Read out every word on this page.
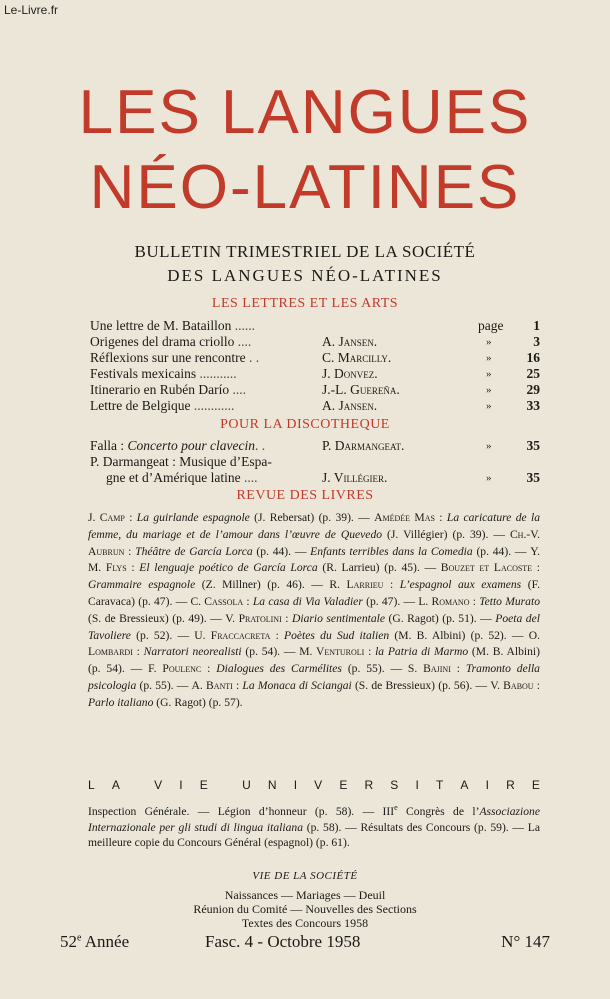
Le-Livre.fr
LES LANGUES
NÉO-LATINES
BULLETIN TRIMESTRIEL DE LA SOCIÉTÉ
DES LANGUES NÉO-LATINES
LES LETTRES ET LES ARTS
Une lettre de M. Bataillon ......	page 1
Origenes del drama criollo ....	A. Jansen.	»	3
Réflexions sur une rencontre . .	C. Marcilly.	»	16
Festivals mexicains ...........	J. Donvez.	»	25
Itinerario en Rubén Darío ....	J.-L. Guereña.	»	29
Lettre de Belgique ............	A. Jansen.	»	33
POUR LA DISCOTHEQUE
Falla : Concerto pour clavecin. .	P. Darmangeat.	»	35
P. Darmangeat : Musique d’Espa-
gne et d’Amérique latine ....	J. Villégier.	»	35
REVUE DES LIVRES
J. Camp : La guirlande espagnole (J. Rebersat) (p. 39). — Amédée Mas : La caricature de la femme, du mariage et de l’amour dans l’œuvre de Quevedo (J. Villégier) (p. 39). — Ch.-V. Aubrun : Théâtre de García Lorca (p. 44). — Enfants terribles dans la Comedia (p. 44). — Y. M. Flys : El lenguaje poético de García Lorca (R. Larrieu) (p. 45). — Bouzet et Lacoste : Grammaire espagnole (Z. Millner) (p. 46). — R. Larrieu : L’espagnol aux examens (F. Caravaca) (p. 47). — C. Cassola : La casa di Via Valadier (p. 47). — L. Romano : Tetto Murato (S. de Bressieux) (p. 49). — V. Pratolini : Diario sentimentale (G. Ragot) (p. 51). — Poeta del Tavoliere (p. 52). — U. Fraccacreta : Poètes du Sud italien (M. B. Albini) (p. 52). — O. Lombardi : Narratori neorealisti (p. 54). — M. Venturoli : la Patria di Marmo (M. B. Albini) (p. 54). — F. Poulenc : Dialogues des Carmélites (p. 55). — S. Bajini : Tramonto della psicologia (p. 55). — A. Banti : La Monaca di Sciangai (S. de Bressieux) (p. 56). — V. Babou : Parlo italiano (G. Ragot) (p. 57).
L A	V I E	U N I V E R S I T A I R E
Inspection Générale. — Légion d’honneur (p. 58). — IIIe Congrès de l’Associazione Internazionale per gli studi di lingua italiana (p. 58). — Résultats des Concours (p. 59). — La meilleure copie du Concours Général (espagnol) (p. 61).
VIE DE LA SOCIÉTÉ
Naissances — Mariages — Deuil
Réunion du Comité — Nouvelles des Sections
Textes des Concours 1958
52e Année	Fasc. 4 - Octobre 1958	N° 147
